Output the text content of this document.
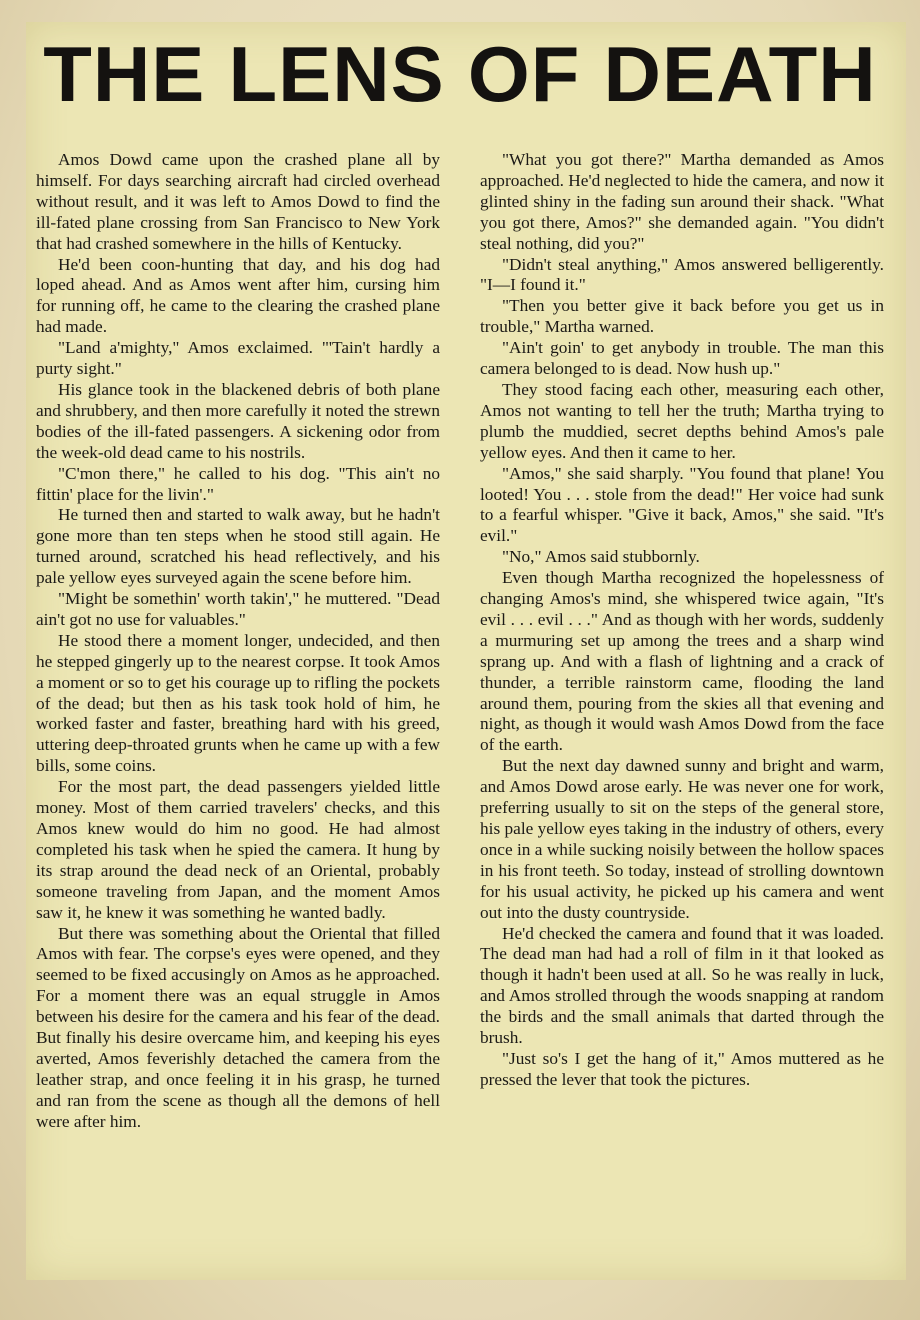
THE LENS OF DEATH

Amos Dowd came upon the crashed plane all by himself. For days searching aircraft had circled overhead without result, and it was left to Amos Dowd to find the ill-fated plane crossing from San Francisco to New York that had crashed somewhere in the hills of Kentucky.

He'd been coon-hunting that day, and his dog had loped ahead. And as Amos went after him, cursing him for running off, he came to the clearing the crashed plane had made.

"Land a'mighty," Amos exclaimed. "'Tain't hardly a purty sight."

His glance took in the blackened debris of both plane and shrubbery, and then more carefully it noted the strewn bodies of the ill-fated passengers. A sickening odor from the week-old dead came to his nostrils.

"C'mon there," he called to his dog. "This ain't no fittin' place for the livin'."

He turned then and started to walk away, but he hadn't gone more than ten steps when he stood still again. He turned around, scratched his head reflectively, and his pale yellow eyes surveyed again the scene before him.

"Might be somethin' worth takin'," he muttered. "Dead ain't got no use for valuables."

He stood there a moment longer, undecided, and then he stepped gingerly up to the nearest corpse. It took Amos a moment or so to get his courage up to rifling the pockets of the dead; but then as his task took hold of him, he worked faster and faster, breathing hard with his greed, uttering deep-throated grunts when he came up with a few bills, some coins.

For the most part, the dead passengers yielded little money. Most of them carried travelers' checks, and this Amos knew would do him no good. He had almost completed his task when he spied the camera. It hung by its strap around the dead neck of an Oriental, probably someone traveling from Japan, and the moment Amos saw it, he knew it was something he wanted badly.

But there was something about the Oriental that filled Amos with fear. The corpse's eyes were opened, and they seemed to be fixed accusingly on Amos as he approached. For a moment there was an equal struggle in Amos between his desire for the camera and his fear of the dead. But finally his desire overcame him, and keeping his eyes averted, Amos feverishly detached the camera from the leather strap, and once feeling it in his grasp, he turned and ran from the scene as though all the demons of hell were after him.

"What you got there?" Martha demanded as Amos approached. He'd neglected to hide the camera, and now it glinted shiny in the fading sun around their shack. "What you got there, Amos?" she demanded again. "You didn't steal nothing, did you?"

"Didn't steal anything," Amos answered belligerently. "I—I found it."

"Then you better give it back before you get us in trouble," Martha warned.

"Ain't goin' to get anybody in trouble. The man this camera belonged to is dead. Now hush up."

They stood facing each other, measuring each other, Amos not wanting to tell her the truth; Martha trying to plumb the muddied, secret depths behind Amos's pale yellow eyes. And then it came to her.

"Amos," she said sharply. "You found that plane! You looted! You . . . stole from the dead!" Her voice had sunk to a fearful whisper. "Give it back, Amos," she said. "It's evil."

"No," Amos said stubbornly.

Even though Martha recognized the hopelessness of changing Amos's mind, she whispered twice again, "It's evil . . . evil . . ." And as though with her words, suddenly a murmuring set up among the trees and a sharp wind sprang up. And with a flash of lightning and a crack of thunder, a terrible rainstorm came, flooding the land around them, pouring from the skies all that evening and night, as though it would wash Amos Dowd from the face of the earth.

But the next day dawned sunny and bright and warm, and Amos Dowd arose early. He was never one for work, preferring usually to sit on the steps of the general store, his pale yellow eyes taking in the industry of others, every once in a while sucking noisily between the hollow spaces in his front teeth. So today, instead of strolling downtown for his usual activity, he picked up his camera and went out into the dusty countryside.

He'd checked the camera and found that it was loaded. The dead man had had a roll of film in it that looked as though it hadn't been used at all. So he was really in luck, and Amos strolled through the woods snapping at random the birds and the small animals that darted through the brush.

"Just so's I get the hang of it," Amos muttered as he pressed the lever that took the pictures.
